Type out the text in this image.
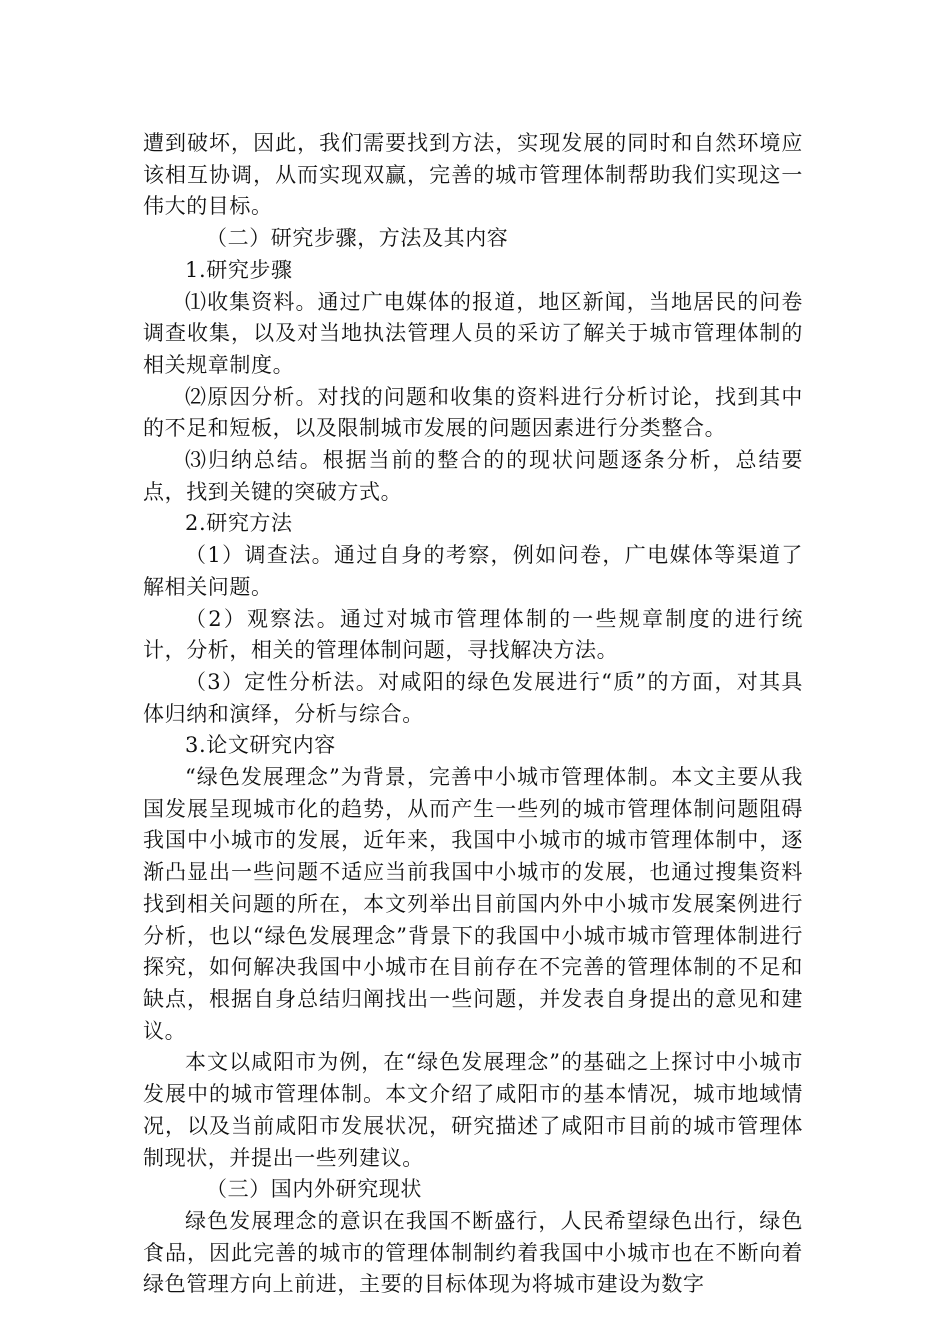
遭到破坏，因此，我们需要找到方法，实现发展的同时和自然环境应该相互协调，从而实现双赢，完善的城市管理体制帮助我们实现这一伟大的目标。

（二）研究步骤，方法及其内容

1.研究步骤

⑴收集资料。通过广电媒体的报道，地区新闻，当地居民的问卷调查收集，以及对当地执法管理人员的采访了解关于城市管理体制的相关规章制度。

⑵原因分析。对找的问题和收集的资料进行分析讨论，找到其中的不足和短板，以及限制城市发展的问题因素进行分类整合。

⑶归纳总结。根据当前的整合的的现状问题逐条分析，总结要点，找到关键的突破方式。

2.研究方法

（1）调查法。通过自身的考察，例如问卷，广电媒体等渠道了解相关问题。

（2）观察法。通过对城市管理体制的一些规章制度的进行统计，分析，相关的管理体制问题，寻找解决方法。

（3）定性分析法。对咸阳的绿色发展进行“质”的方面，对其具体归纳和演绎，分析与综合。

3.论文研究内容

“绿色发展理念”为背景，完善中小城市管理体制。本文主要从我国发展呈现城市化的趋势，从而产生一些列的城市管理体制问题阻碍我国中小城市的发展，近年来，我国中小城市的城市管理体制中，逐渐凸显出一些问题不适应当前我国中小城市的发展，也通过搜集资料找到相关问题的所在，本文列举出目前国内外中小城市发展案例进行分析，也以“绿色发展理念”背景下的我国中小城市城市管理体制进行探究，如何解决我国中小城市在目前存在不完善的管理体制的不足和缺点，根据自身总结归阐找出一些问题，并发表自身提出的意见和建议。

本文以咸阳市为例，在“绿色发展理念”的基础之上探讨中小城市发展中的城市管理体制。本文介绍了咸阳市的基本情况，城市地域情况，以及当前咸阳市发展状况，研究描述了咸阳市目前的城市管理体制现状，并提出一些列建议。

（三）国内外研究现状

绿色发展理念的意识在我国不断盛行，人民希望绿色出行，绿色食品，因此完善的城市的管理体制制约着我国中小城市也在不断向着绿色管理方向上前进，主要的目标体现为将城市建设为数字
